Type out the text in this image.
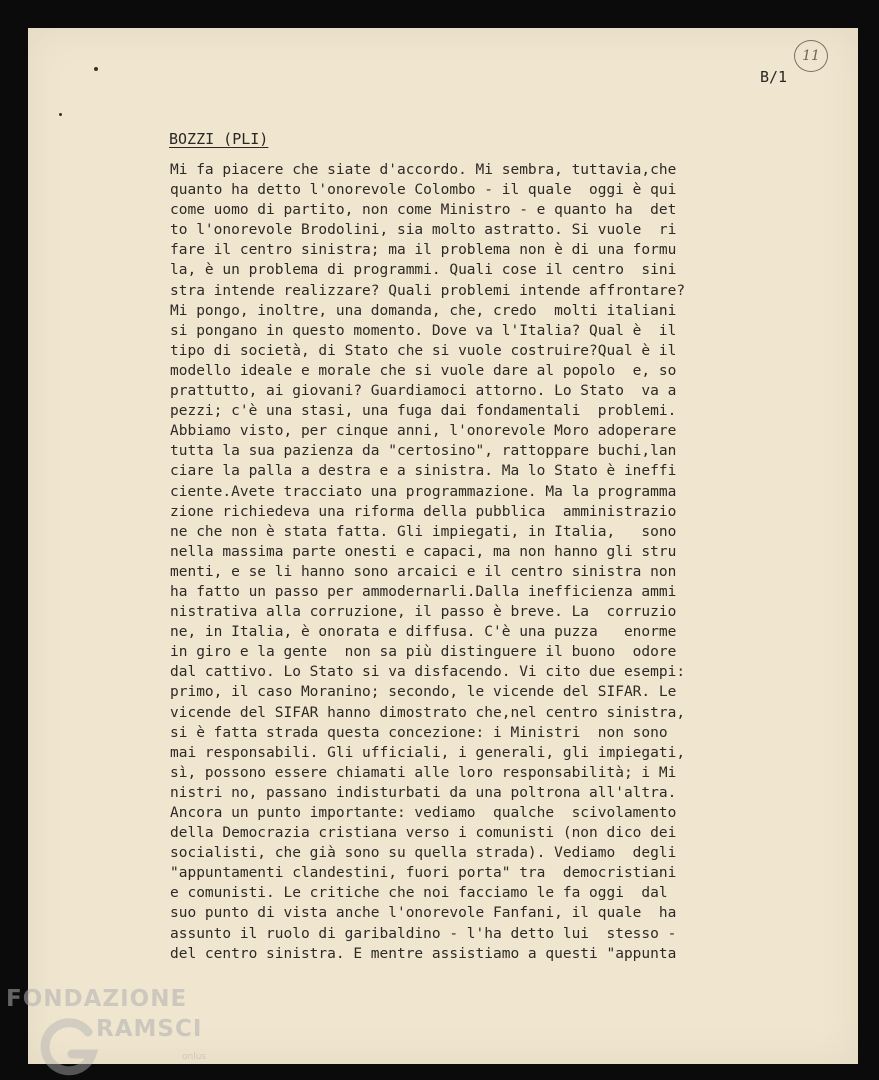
B/1
11
BOZZI (PLI)
Mi fa piacere che siate d'accordo. Mi sembra, tuttavia,che
quanto ha detto l'onorevole Colombo - il quale  oggi è qui
come uomo di partito, non come Ministro - e quanto ha  det
to l'onorevole Brodolini, sia molto astratto. Si vuole  ri
fare il centro sinistra; ma il problema non è di una formu
la, è un problema di programmi. Quali cose il centro  sini
stra intende realizzare? Quali problemi intende affrontare?
Mi pongo, inoltre, una domanda, che, credo  molti italiani
si pongano in questo momento. Dove va l'Italia? Qual è  il
tipo di società, di Stato che si vuole costruire?Qual è il
modello ideale e morale che si vuole dare al popolo  e, so
prattutto, ai giovani? Guardiamoci attorno. Lo Stato  va a
pezzi; c'è una stasi, una fuga dai fondamentali  problemi.
Abbiamo visto, per cinque anni, l'onorevole Moro adoperare
tutta la sua pazienza da "certosino", rattoppare buchi,lan
ciare la palla a destra e a sinistra. Ma lo Stato è ineffi
ciente.Avete tracciato una programmazione. Ma la programma
zione richiedeva una riforma della pubblica  amministrazio
ne che non è stata fatta. Gli impiegati, in Italia,   sono
nella massima parte onesti e capaci, ma non hanno gli stru
menti, e se li hanno sono arcaici e il centro sinistra non
ha fatto un passo per ammodernarli.Dalla inefficienza ammi
nistrativa alla corruzione, il passo è breve. La  corruzio
ne, in Italia, è onorata e diffusa. C'è una puzza   enorme
in giro e la gente  non sa più distinguere il buono  odore
dal cattivo. Lo Stato si va disfacendo. Vi cito due esempi:
primo, il caso Moranino; secondo, le vicende del SIFAR. Le
vicende del SIFAR hanno dimostrato che,nel centro sinistra,
si è fatta strada questa concezione: i Ministri  non sono
mai responsabili. Gli ufficiali, i generali, gli impiegati,
sì, possono essere chiamati alle loro responsabilità; i Mi
nistri no, passano indisturbati da una poltrona all'altra.
Ancora un punto importante: vediamo  qualche  scivolamento
della Democrazia cristiana verso i comunisti (non dico dei
socialisti, che già sono su quella strada). Vediamo  degli
"appuntamenti clandestini, fuori porta" tra  democristiani
e comunisti. Le critiche che noi facciamo le fa oggi  dal
suo punto di vista anche l'onorevole Fanfani, il quale  ha
assunto il ruolo di garibaldino - l'ha detto lui  stesso -
del centro sinistra. E mentre assistiamo a questi "appunta
FONDAZIONE
RAMSCI
onlus
